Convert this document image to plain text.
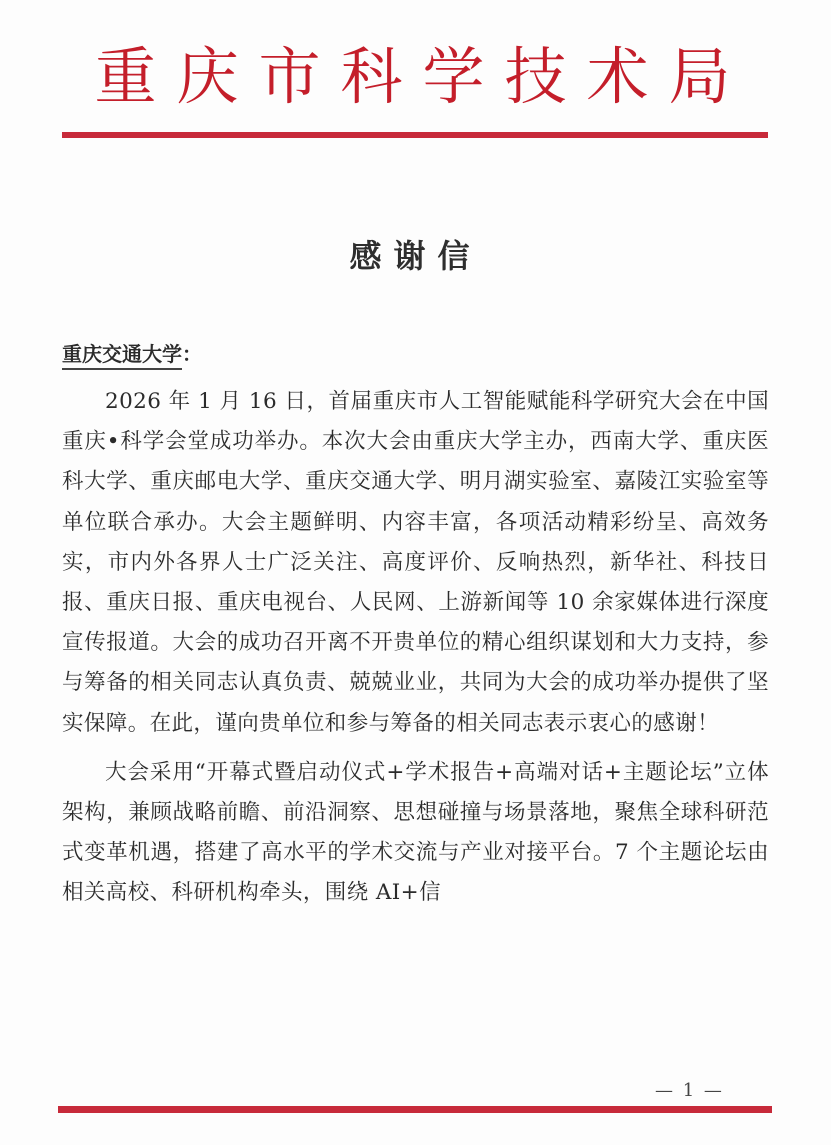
重庆市科学技术局
感谢信
重庆交通大学：

2026 年 1 月 16 日，首届重庆市人工智能赋能科学研究大会在中国重庆•科学会堂成功举办。本次大会由重庆大学主办，西南大学、重庆医科大学、重庆邮电大学、重庆交通大学、明月湖实验室、嘉陵江实验室等单位联合承办。大会主题鲜明、内容丰富，各项活动精彩纷呈、高效务实，市内外各界人士广泛关注、高度评价、反响热烈，新华社、科技日报、重庆日报、重庆电视台、人民网、上游新闻等 10 余家媒体进行深度宣传报道。大会的成功召开离不开贵单位的精心组织谋划和大力支持，参与筹备的相关同志认真负责、兢兢业业，共同为大会的成功举办提供了坚实保障。在此，谨向贵单位和参与筹备的相关同志表示衷心的感谢！

大会采用“开幕式暨启动仪式+学术报告+高端对话+主题论坛”立体架构，兼顾战略前瞻、前沿洞察、思想碰撞与场景落地，聚焦全球科研范式变革机遇，搭建了高水平的学术交流与产业对接平台。7 个主题论坛由相关高校、科研机构牵头，围绕 AI+信

— 1 —
